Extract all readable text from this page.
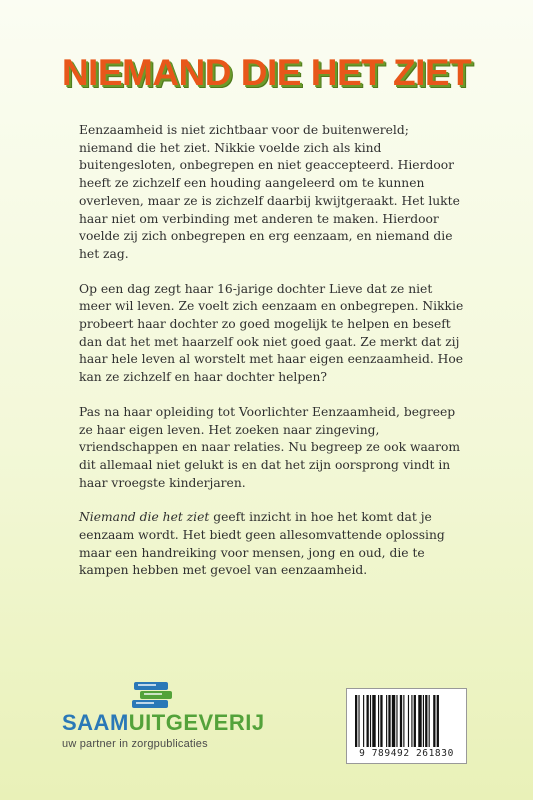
NIEMAND DIE HET ZIET

Eenzaamheid is niet zichtbaar voor de buitenwereld; niemand die het ziet. Nikkie voelde zich als kind buitengesloten, onbegrepen en niet geaccepteerd. Hierdoor heeft ze zichzelf een houding aangeleerd om te kunnen overleven, maar ze is zichzelf daarbij kwijtgeraakt. Het lukte haar niet om verbinding met anderen te maken. Hierdoor voelde zij zich onbegrepen en erg eenzaam, en niemand die het zag.

Op een dag zegt haar 16-jarige dochter Lieve dat ze niet meer wil leven. Ze voelt zich eenzaam en onbegrepen. Nikkie probeert haar dochter zo goed mogelijk te helpen en beseft dan dat het met haarzelf ook niet goed gaat. Ze merkt dat zij haar hele leven al worstelt met haar eigen eenzaamheid. Hoe kan ze zichzelf en haar dochter helpen?

Pas na haar opleiding tot Voorlichter Eenzaamheid, begreep ze haar eigen leven. Het zoeken naar zingeving, vriendschappen en naar relaties. Nu begreep ze ook waarom dit allemaal niet gelukt is en dat het zijn oorsprong vindt in haar vroegste kinderjaren.

Niemand die het ziet geeft inzicht in hoe het komt dat je eenzaam wordt. Het biedt geen allesomvattende oplossing maar een handreiking voor mensen, jong en oud, die te kampen hebben met gevoel van eenzaamheid.

SAAMUITGEVERIJ
uw partner in zorgpublicaties
9 789492 261830
